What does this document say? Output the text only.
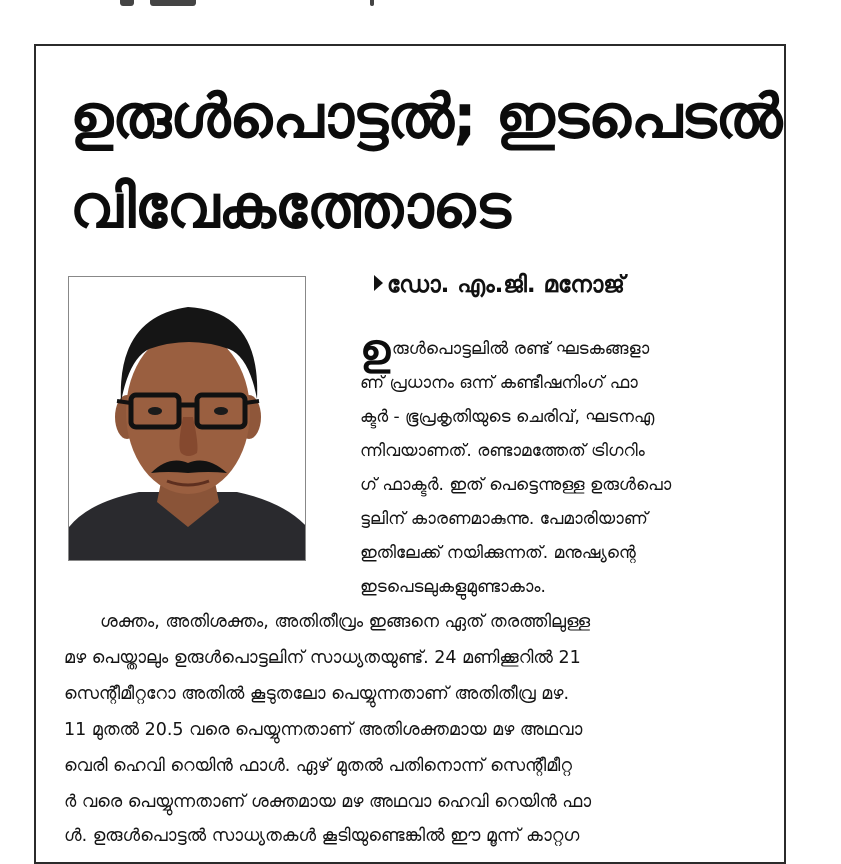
ഉരുൾപൊട്ടൽ; ഇടപെടൽ
വിവേകത്തോടെ
ഡോ. എം.ജി. മനോജ്
ഉ രുൾപൊട്ടലിൽ രണ്ട് ഘടകങ്ങളാ
ണ് പ്രധാനം ഒന്ന് കണ്ടീഷനിംഗ് ഫാ
ക്ടർ - ഭൂപ്രകൃതിയുടെ ചെരിവ്, ഘടനഎ
ന്നിവയാണത്. രണ്ടാമത്തേത് ട്രിഗറിം
ഗ് ഫാക്ടർ. ഇത് പെട്ടെന്നുള്ള ഉരുൾപൊ
ട്ടലിന് കാരണമാകുന്നു. പേമാരിയാണ്
ഇതിലേക്ക് നയിക്കുന്നത്. മനുഷ്യന്റെ
ഇടപെടലുകളുമുണ്ടാകാം.
ശക്തം, അതിശക്തം, അതിതീവ്രം ഇങ്ങനെ ഏത് തരത്തിലുള്ള
മഴ പെയ്താലും ഉരുൾപൊട്ടലിന് സാധ്യതയുണ്ട്. 24 മണിക്കൂറിൽ 21
സെന്റീമീറ്ററോ അതിൽ കൂടുതലോ പെയ്യുന്നതാണ് അതിതീവ്ര മഴ.
11 മുതൽ 20.5 വരെ പെയ്യുന്നതാണ് അതിശക്തമായ മഴ അഥവാ
വെരി ഹെവി റെയിൻ ഫാൾ. ഏഴ് മുതൽ പതിനൊന്ന് സെന്റീമീറ്റ
ർ വരെ പെയ്യുന്നതാണ് ശക്തമായ മഴ അഥവാ ഹെവി റെയിൻ ഫാ
ൾ. ഉരുൾപൊട്ടൽ സാധ്യതകൾ കൂടിയുണ്ടെങ്കിൽ ഈ മൂന്ന് കാറ്റഗ
